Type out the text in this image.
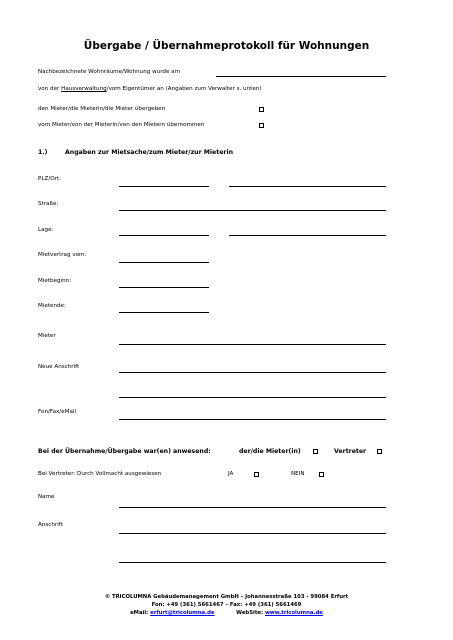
Übergabe / Übernahmeprotokoll für Wohnungen
Nachbezeichnete Wohnräume/Wohnung wurde am
von der Hausverwaltung/vom Eigentümer an (Angaben zum Verwalter s. unten)
den Mieter/die Mieterin/die Mieter übergeben
vom Mieter/von der Mieterin/von den Mietern übernommen
1.)	Angaben zur Mietsache/zum Mieter/zur Mieterin
PLZ/Ort:
Straße:
Lage:
Mietvertrag vom:
Mietbeginn:
Mietende:
Mieter
Neue Anschrift
Fon/Fax/eMail
Bei der Übernahme/Übergabe war(en) anwesend:	der/die Mieter(in)	Vertreter
Bei Vertreter: Durch Vollmacht ausgewiesen	JA	NEIN
Name
Anschrift
© TRICOLUMNA Gebäudemanagement GmbH – Johannesstraße 103 - 99084 Erfurt
Fon: +49 (361) 5661467 – Fax: +49 (361) 5661469
eMail: erfurt@tricolumna.de	WebSite: www.tricolumna.de
